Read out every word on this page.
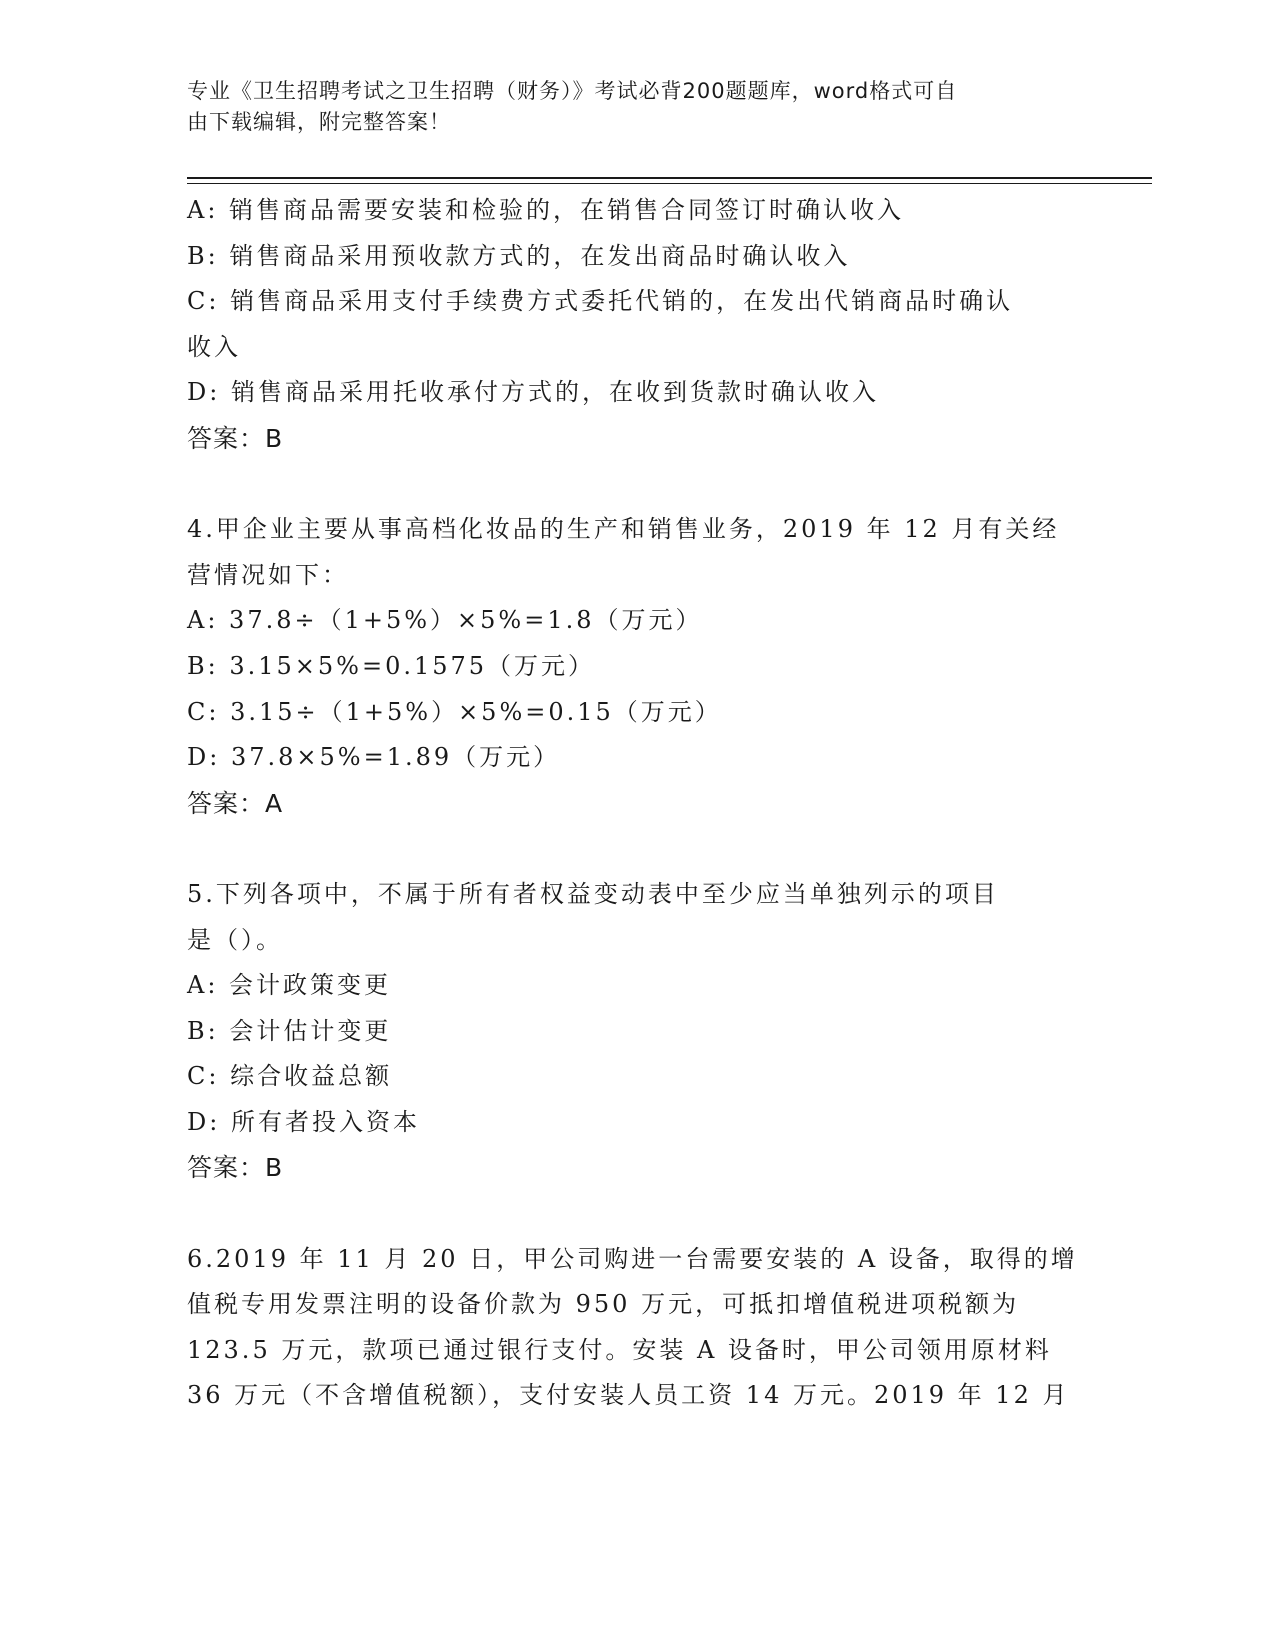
专业《卫生招聘考试之卫生招聘（财务）》考试必背200题题库，word格式可自
由下载编辑，附完整答案！
A: 销售商品需要安装和检验的，在销售合同签订时确认收入
B: 销售商品采用预收款方式的，在发出商品时确认收入
C: 销售商品采用支付手续费方式委托代销的，在发出代销商品时确认
收入
D: 销售商品采用托收承付方式的，在收到货款时确认收入
答案：B
4.甲企业主要从事高档化妆品的生产和销售业务，2019 年 12 月有关经
营情况如下：
A: 37.8÷（1+5%）×5%=1.8（万元）
B: 3.15×5%=0.1575（万元）
C: 3.15÷（1+5%）×5%=0.15（万元）
D: 37.8×5%=1.89（万元）
答案：A
5.下列各项中，不属于所有者权益变动表中至少应当单独列示的项目
是（）。
A: 会计政策变更
B: 会计估计变更
C: 综合收益总额
D: 所有者投入资本
答案：B
6.2019 年 11 月 20 日，甲公司购进一台需要安装的 A 设备，取得的增
值税专用发票注明的设备价款为 950 万元，可抵扣增值税进项税额为
123.5 万元，款项已通过银行支付。安装 A 设备时，甲公司领用原材料
36 万元（不含增值税额），支付安装人员工资 14 万元。2019 年 12 月
